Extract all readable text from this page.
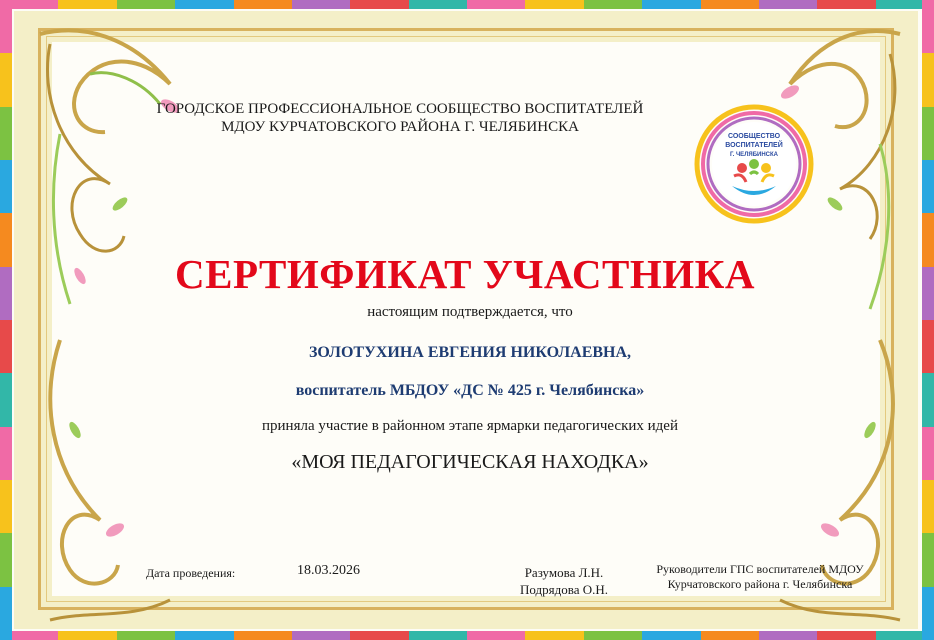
ГОРОДСКОЕ ПРОФЕССИОНАЛЬНОЕ СООБЩЕСТВО ВОСПИТАТЕЛЕЙ
МДОУ КУРЧАТОВСКОГО РАЙОНА Г. ЧЕЛЯБИНСКА
СООБЩЕСТВО
ВОСПИТАТЕЛЕЙ
Г. ЧЕЛЯБИНСКА
СЕРТИФИКАТ УЧАСТНИКА
настоящим подтверждается, что
ЗОЛОТУХИНА ЕВГЕНИЯ НИКОЛАЕВНА,
воспитатель МБДОУ «ДС № 425 г. Челябинска»
приняла участие в районном этапе ярмарки педагогических идей
«МОЯ ПЕДАГОГИЧЕСКАЯ НАХОДКА»
Дата проведения:	18.03.2026	Разумова Л.Н.
Подрядова О.Н.
Руководители ГПС воспитателей МДОУ
Курчатовского района г. Челябинска
